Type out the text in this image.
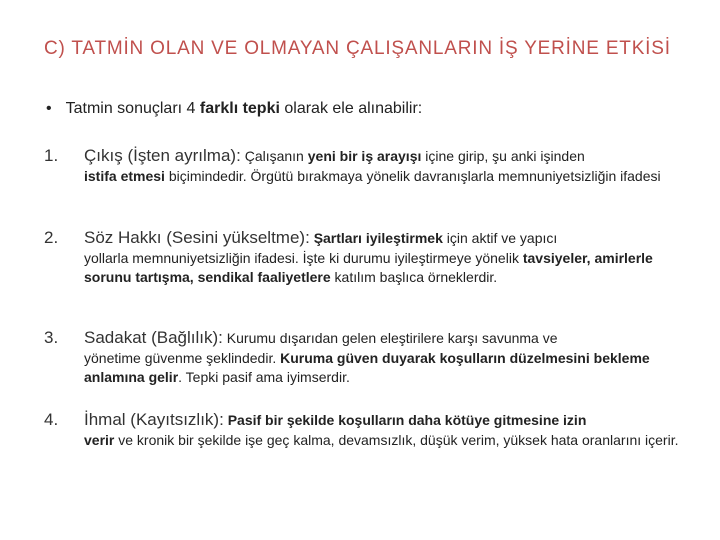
C) TATMİN OLAN VE OLMAYAN ÇALIŞANLARIN İŞ YERİNE ETKİSİ
• Tatmin sonuçları 4 farklı tepki olarak ele alınabilir:
1. Çıkış (İşten ayrılma): Çalışanın yeni bir iş arayışı içine girip, şu anki işinden
istifa etmesi biçimindedir. Örgütü bırakmaya yönelik davranışlarla memnuniyetsizliğin ifadesi
2. Söz Hakkı (Sesini yükseltme): Şartları iyileştirmek için aktif ve yapıcı
yollarla memnuniyetsizliğin ifadesi. İşte ki durumu iyileştirmeye yönelik tavsiyeler, amirlerle sorunu tartışma, sendikal faaliyetlere katılım başlıca örneklerdir.
3. Sadakat (Bağlılık): Kurumu dışarıdan gelen eleştirilere karşı savunma ve
yönetime güvenme şeklindedir. Kuruma güven duyarak koşulların düzelmesini bekleme anlamına gelir. Tepki pasif ama iyimserdir.
4. İhmal (Kayıtsızlık): Pasif bir şekilde koşulların daha kötüye gitmesine izin
verir ve kronik bir şekilde işe geç kalma, devamsızlık, düşük verim, yüksek hata oranlarını içerir.
